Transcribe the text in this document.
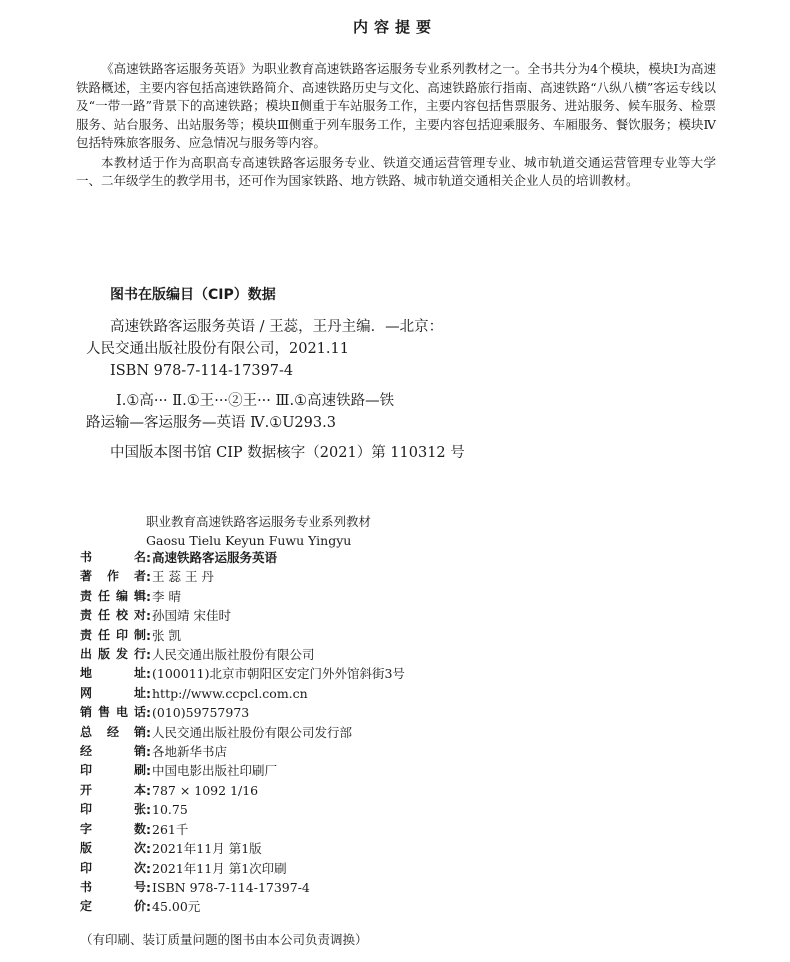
内容提要

《高速铁路客运服务英语》为职业教育高速铁路客运服务专业系列教材之一。全书共分为4个模块，模块Ⅰ为高速铁路概述，主要内容包括高速铁路简介、高速铁路历史与文化、高速铁路旅行指南、高速铁路“八纵八横”客运专线以及“一带一路”背景下的高速铁路；模块Ⅱ侧重于车站服务工作，主要内容包括售票服务、进站服务、候车服务、检票服务、站台服务、出站服务等；模块Ⅲ侧重于列车服务工作，主要内容包括迎乘服务、车厢服务、餐饮服务；模块Ⅳ包括特殊旅客服务、应急情况与服务等内容。

本教材适于作为高职高专高速铁路客运服务专业、铁道交通运营管理专业、城市轨道交通运营管理专业等大学一、二年级学生的教学用书，还可作为国家铁路、地方铁路、城市轨道交通相关企业人员的培训教材。

图书在版编目（CIP）数据
高速铁路客运服务英语 / 王蕊，王丹主编．—北京：
人民交通出版社股份有限公司，2021.11
ISBN 978-7-114-17397-4
Ⅰ.①高··· Ⅱ.①王···②王··· Ⅲ.①高速铁路—铁
路运输—客运服务—英语 Ⅳ.①U293.3
中国版本图书馆 CIP 数据核字（2021）第 110312 号
职业教育高速铁路客运服务专业系列教材
Gaosu Tielu Keyun Fuwu Yingyu
书名 : 高速铁路客运服务英语
著作者 : 王 蕊 王 丹
责任编辑 : 李 晴
责任校对 : 孙国靖 宋佳时
责任印制 : 张 凯
出版发行 : 人民交通出版社股份有限公司
地址 : (100011)北京市朝阳区安定门外外馆斜街3号
网址 : http://www.ccpcl.com.cn
销售电话 : (010)59757973
总经销 : 人民交通出版社股份有限公司发行部
经销 : 各地新华书店
印刷 : 中国电影出版社印刷厂
开本 : 787 × 1092 1/16
印张 : 10.75
字数 : 261千
版次 : 2021年11月 第1版
印次 : 2021年11月 第1次印刷
书号 : ISBN 978-7-114-17397-4
定价 : 45.00元
（有印刷、装订质量问题的图书由本公司负责调换）
